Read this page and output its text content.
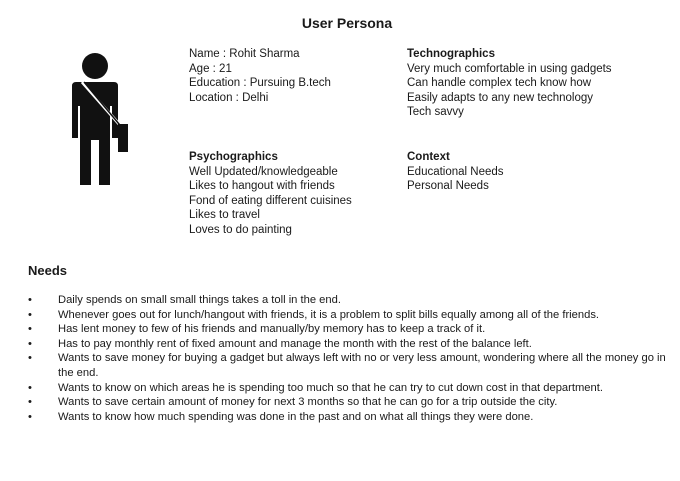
User Persona
Name : Rohit Sharma
Age : 21
Education : Pursuing B.tech
Location : Delhi
Technographics
Very much comfortable in using gadgets
Can handle complex tech know how
Easily adapts to any new technology
Tech savvy
Psychographics
Well Updated/knowledgeable
Likes to hangout with friends
Fond of eating different cuisines
Likes to travel
Loves to do painting
Context
Educational Needs
Personal Needs
Needs
• Daily spends on small small things takes a toll in the end.
• Whenever goes out for lunch/hangout with friends, it is a problem to split bills equally among all of the friends.
• Has lent money to few of his friends and manually/by memory has to keep a track of it.
• Has to pay monthly rent of fixed amount and manage the month with the rest of the balance left.
• Wants to save money for buying a gadget but always left with no or very less amount, wondering where all the money go in the end.
• Wants to know on which areas he is spending too much so that he can try to cut down cost in that department.
• Wants to save certain amount of money for next 3 months so that he can go for a trip outside the city.
• Wants to know how much spending was done in the past and on what all things they were done.
